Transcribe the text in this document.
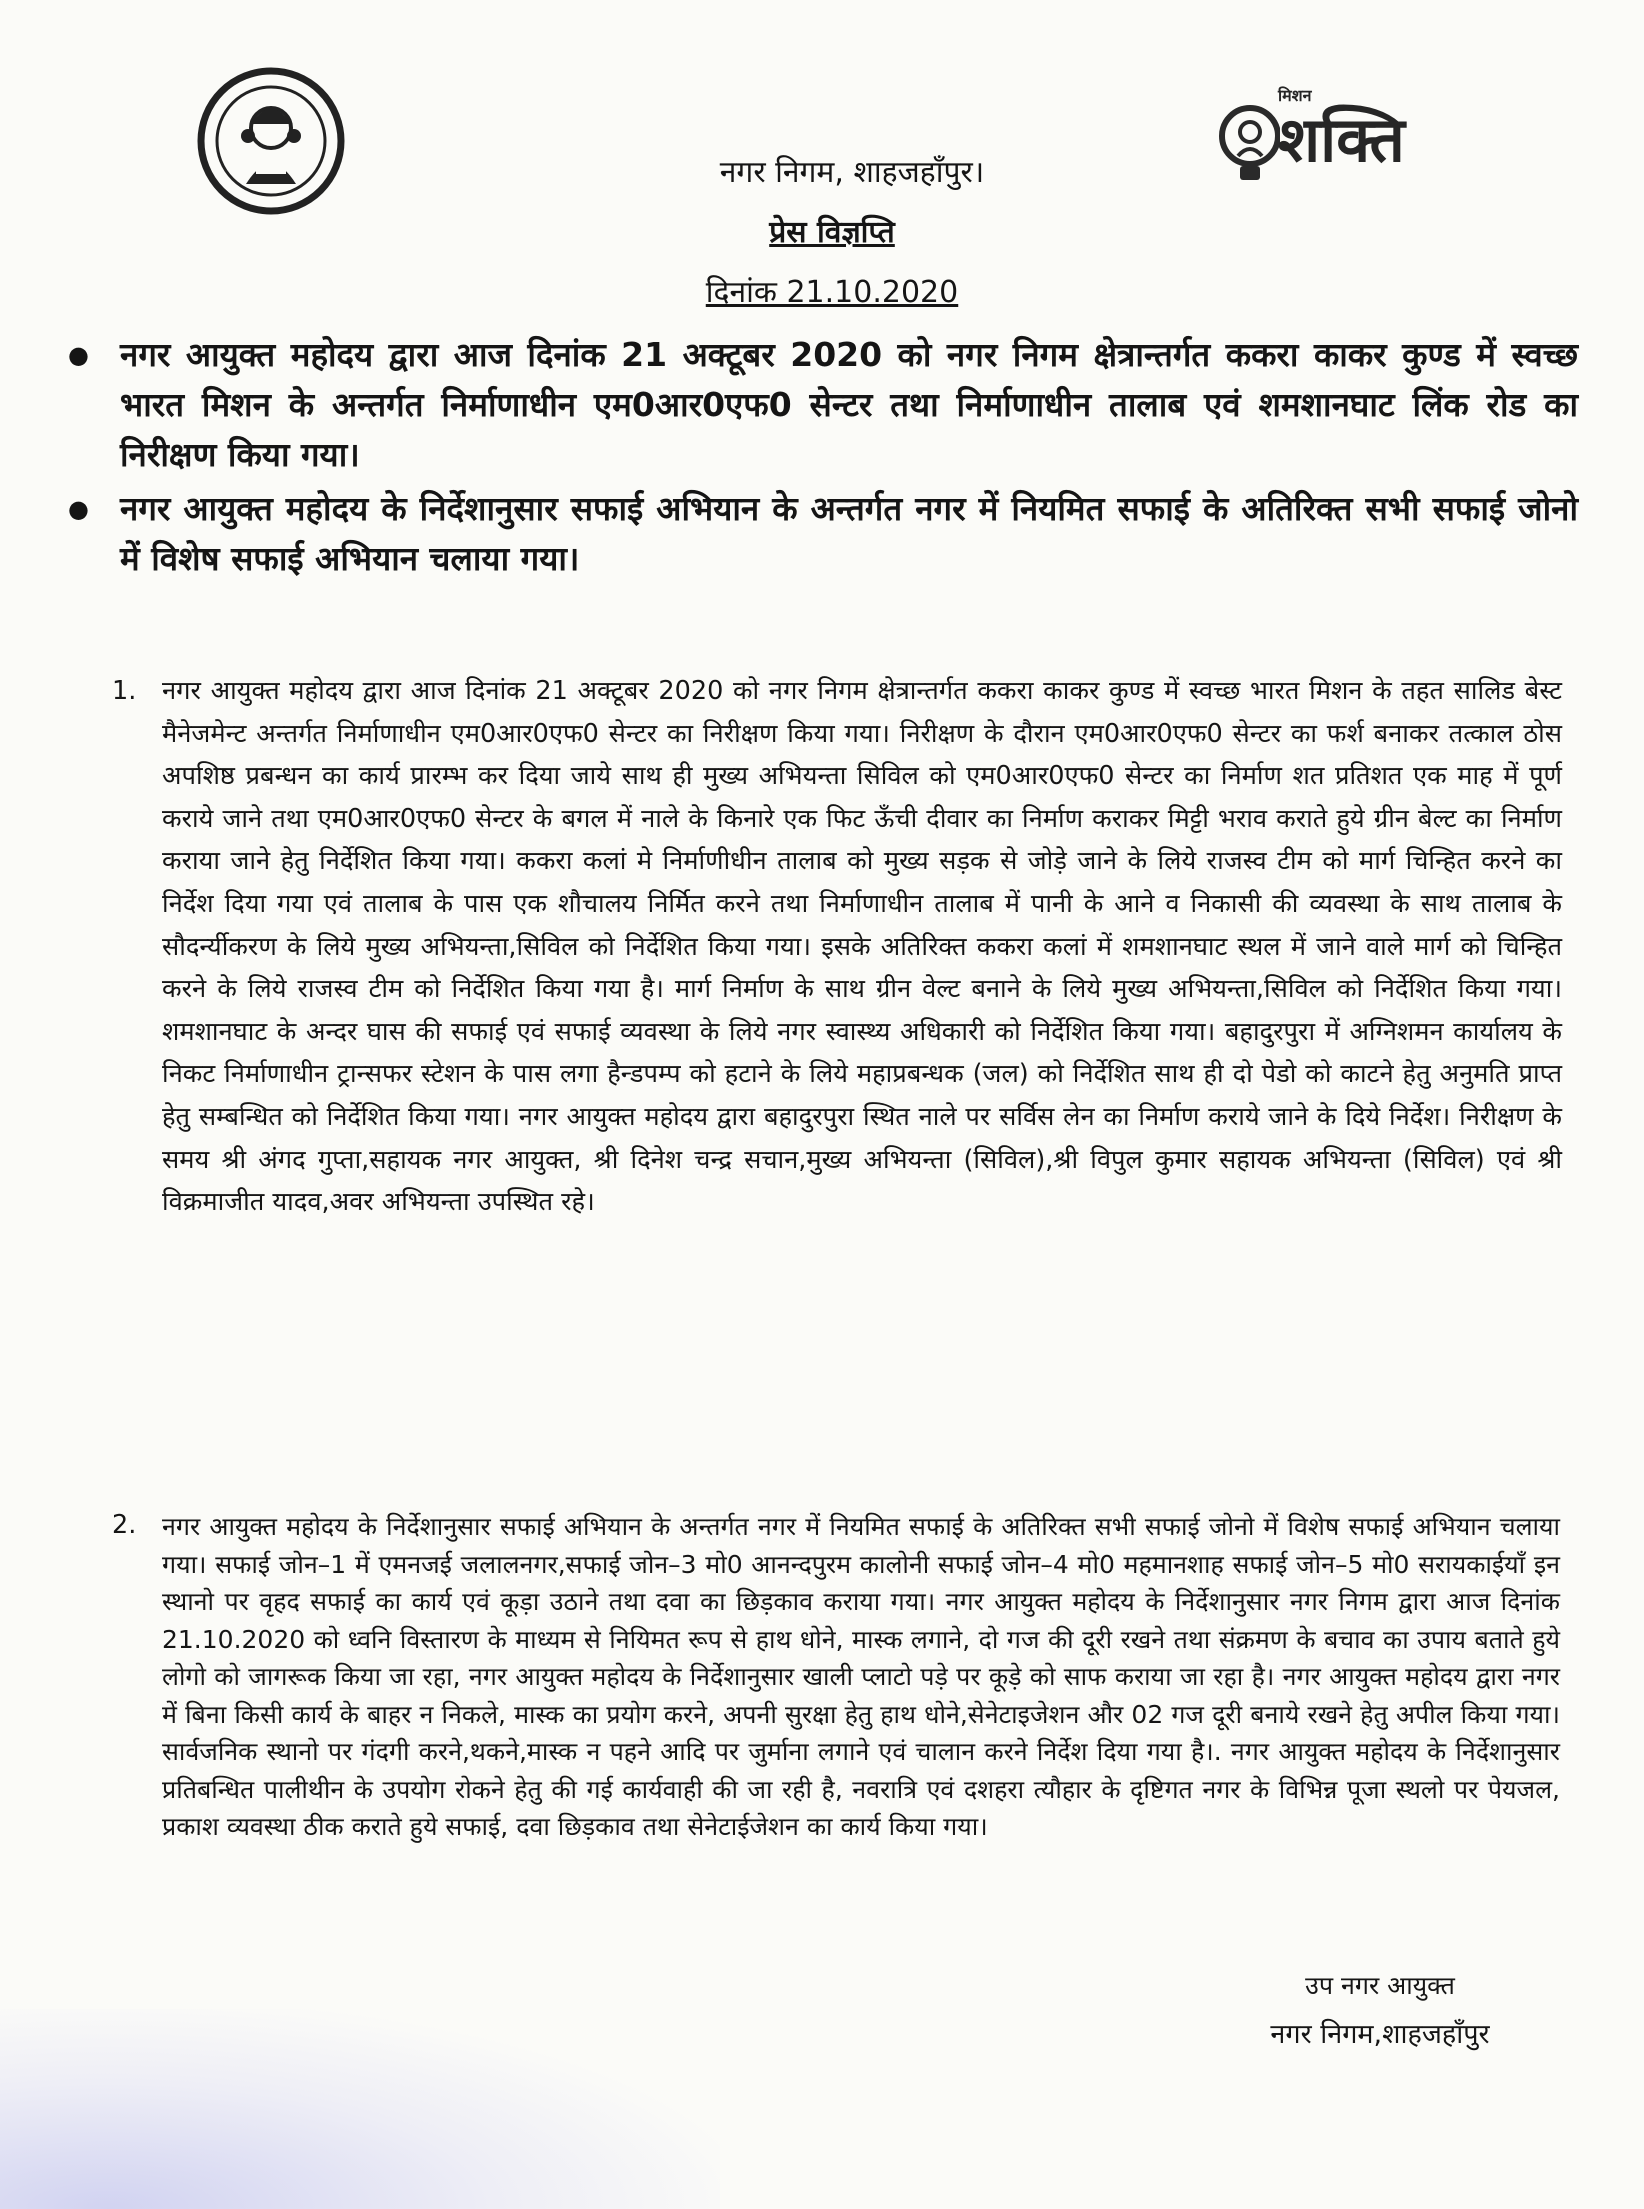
मिशन
शक्ति
नगर निगम, शाहजहाँपुर।
प्रेस विज्ञप्ति
दिनांक 21.10.2020
● नगर आयुक्त महोदय द्वारा आज दिनांक 21 अक्टूबर 2020 को नगर निगम क्षेत्रान्तर्गत ककरा काकर कुण्ड में स्वच्छ भारत मिशन के अन्तर्गत निर्माणाधीन एम0आर0एफ0 सेन्टर तथा निर्माणाधीन तालाब एवं शमशानघाट लिंक रोड का निरीक्षण किया गया।
● नगर आयुक्त महोदय के निर्देशानुसार सफाई अभियान के अन्तर्गत नगर में नियमित सफाई के अतिरिक्त सभी सफाई जोनो में विशेष सफाई अभियान चलाया गया।
1. नगर आयुक्त महोदय द्वारा आज दिनांक 21 अक्टूबर 2020 को नगर निगम क्षेत्रान्तर्गत ककरा काकर कुण्ड में स्वच्छ भारत मिशन के तहत सालिड बेस्ट मैनेजमेन्ट अन्तर्गत निर्माणाधीन एम0आर0एफ0 सेन्टर का निरीक्षण किया गया। निरीक्षण के दौरान एम0आर0एफ0 सेन्टर का फर्श बनाकर तत्काल ठोस अपशिष्ठ प्रबन्धन का कार्य प्रारम्भ कर दिया जाये साथ ही मुख्य अभियन्ता सिविल को एम0आर0एफ0 सेन्टर का निर्माण शत प्रतिशत एक माह में पूर्ण कराये जाने तथा एम0आर0एफ0 सेन्टर के बगल में नाले के किनारे एक फिट ऊँची दीवार का निर्माण कराकर मिट्टी भराव कराते हुये ग्रीन बेल्ट का निर्माण कराया जाने हेतु निर्देशित किया गया। ककरा कलां मे निर्माणीधीन तालाब को मुख्य सड़क से जोड़े जाने के लिये राजस्व टीम को मार्ग चिन्हित करने का निर्देश दिया गया एवं तालाब के पास एक शौचालय निर्मित करने तथा निर्माणाधीन तालाब में पानी के आने व निकासी की व्यवस्था के साथ तालाब के सौदर्न्यीकरण के लिये मुख्य अभियन्ता,सिविल को निर्देशित किया गया। इसके अतिरिक्त ककरा कलां में शमशानघाट स्थल में जाने वाले मार्ग को चिन्हित करने के लिये राजस्व टीम को निर्देशित किया गया है। मार्ग निर्माण के साथ ग्रीन वेल्ट बनाने के लिये मुख्य अभियन्ता,सिविल को निर्देशित किया गया। शमशानघाट के अन्दर घास की सफाई एवं सफाई व्यवस्था के लिये नगर स्वास्थ्य अधिकारी को निर्देशित किया गया। बहादुरपुरा में अग्निशमन कार्यालय के निकट निर्माणाधीन ट्रान्सफर स्टेशन के पास लगा हैन्डपम्प को हटाने के लिये महाप्रबन्धक (जल) को निर्देशित साथ ही दो पेडो को काटने हेतु अनुमति प्राप्त हेतु सम्बन्धित को निर्देशित किया गया। नगर आयुक्त महोदय द्वारा बहादुरपुरा स्थित नाले पर सर्विस लेन का निर्माण कराये जाने के दिये निर्देश। निरीक्षण के समय श्री अंगद गुप्ता,सहायक नगर आयुक्त, श्री दिनेश चन्द्र सचान,मुख्य अभियन्ता (सिविल),श्री विपुल कुमार सहायक अभियन्ता (सिविल) एवं श्री विक्रमाजीत यादव,अवर अभियन्ता उपस्थित रहे।
2. नगर आयुक्त महोदय के निर्देशानुसार सफाई अभियान के अन्तर्गत नगर में नियमित सफाई के अतिरिक्त सभी सफाई जोनो में विशेष सफाई अभियान चलाया गया। सफाई जोन–1 में एमनजई जलालनगर,सफाई जोन–3 मो0 आनन्दपुरम कालोनी सफाई जोन–4 मो0 महमानशाह सफाई जोन–5 मो0 सरायकाईयॉं इन स्थानो पर वृहद सफाई का कार्य एवं कूड़ा उठाने तथा दवा का छिड़काव कराया गया। नगर आयुक्त महोदय के निर्देशानुसार नगर निगम द्वारा आज दिनांक 21.10.2020 को ध्वनि विस्तारण के माध्यम से नियिमत रूप से हाथ धोने, मास्क लगाने, दो गज की दूरी रखने तथा संक्रमण के बचाव का उपाय बताते हुये लोगो को जागरूक किया जा रहा, नगर आयुक्त महोदय के निर्देशानुसार खाली प्लाटो पड़े पर कूड़े को साफ कराया जा रहा है। नगर आयुक्त महोदय द्वारा नगर में बिना किसी कार्य के बाहर न निकले, मास्क का प्रयोग करने, अपनी सुरक्षा हेतु हाथ धोने,सेनेटाइजेशन और 02 गज दूरी बनाये रखने हेतु अपील किया गया। सार्वजनिक स्थानो पर गंदगी करने,थकने,मास्क न पहने आदि पर जुर्माना लगाने एवं चालान करने निर्देश दिया गया है।. नगर आयुक्त महोदय के निर्देशानुसार प्रतिबन्धित पालीथीन के उपयोग रोकने हेतु की गई कार्यवाही की जा रही है, नवरात्रि एवं दशहरा त्यौहार के दृष्टिगत नगर के विभिन्न पूजा स्थलो पर पेयजल, प्रकाश व्यवस्था ठीक कराते हुये सफाई, दवा छिड़काव तथा सेनेटाईजेशन का कार्य किया गया।
उप नगर आयुक्त
नगर निगम,शाहजहॉंपुर
